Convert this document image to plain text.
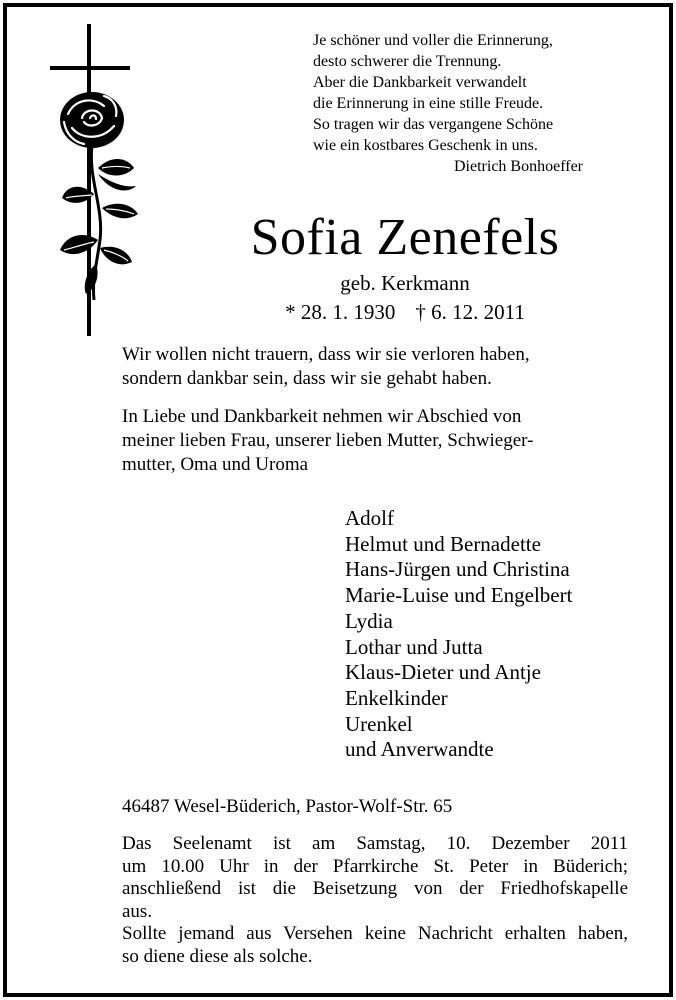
Je schöner und voller die Erinnerung,
desto schwerer die Trennung.
Aber die Dankbarkeit verwandelt
die Erinnerung in eine stille Freude.
So tragen wir das vergangene Schöne
wie ein kostbares Geschenk in uns.
Dietrich Bonhoeffer
Sofia Zenefels
geb. Kerkmann
* 28. 1. 1930 † 6. 12. 2011
Wir wollen nicht trauern, dass wir sie verloren haben,
sondern dankbar sein, dass wir sie gehabt haben.
In Liebe und Dankbarkeit nehmen wir Abschied von
meiner lieben Frau, unserer lieben Mutter, Schwieger-
mutter, Oma und Uroma
Adolf
Helmut und Bernadette
Hans-Jürgen und Christina
Marie-Luise und Engelbert
Lydia
Lothar und Jutta
Klaus-Dieter und Antje
Enkelkinder
Urenkel
und Anverwandte
46487 Wesel-Büderich, Pastor-Wolf-Str. 65
Das Seelenamt ist am Samstag, 10. Dezember 2011
um 10.00 Uhr in der Pfarrkirche St. Peter in Büderich;
anschließend ist die Beisetzung von der Friedhofskapelle
aus.
Sollte jemand aus Versehen keine Nachricht erhalten haben,
so diene diese als solche.
